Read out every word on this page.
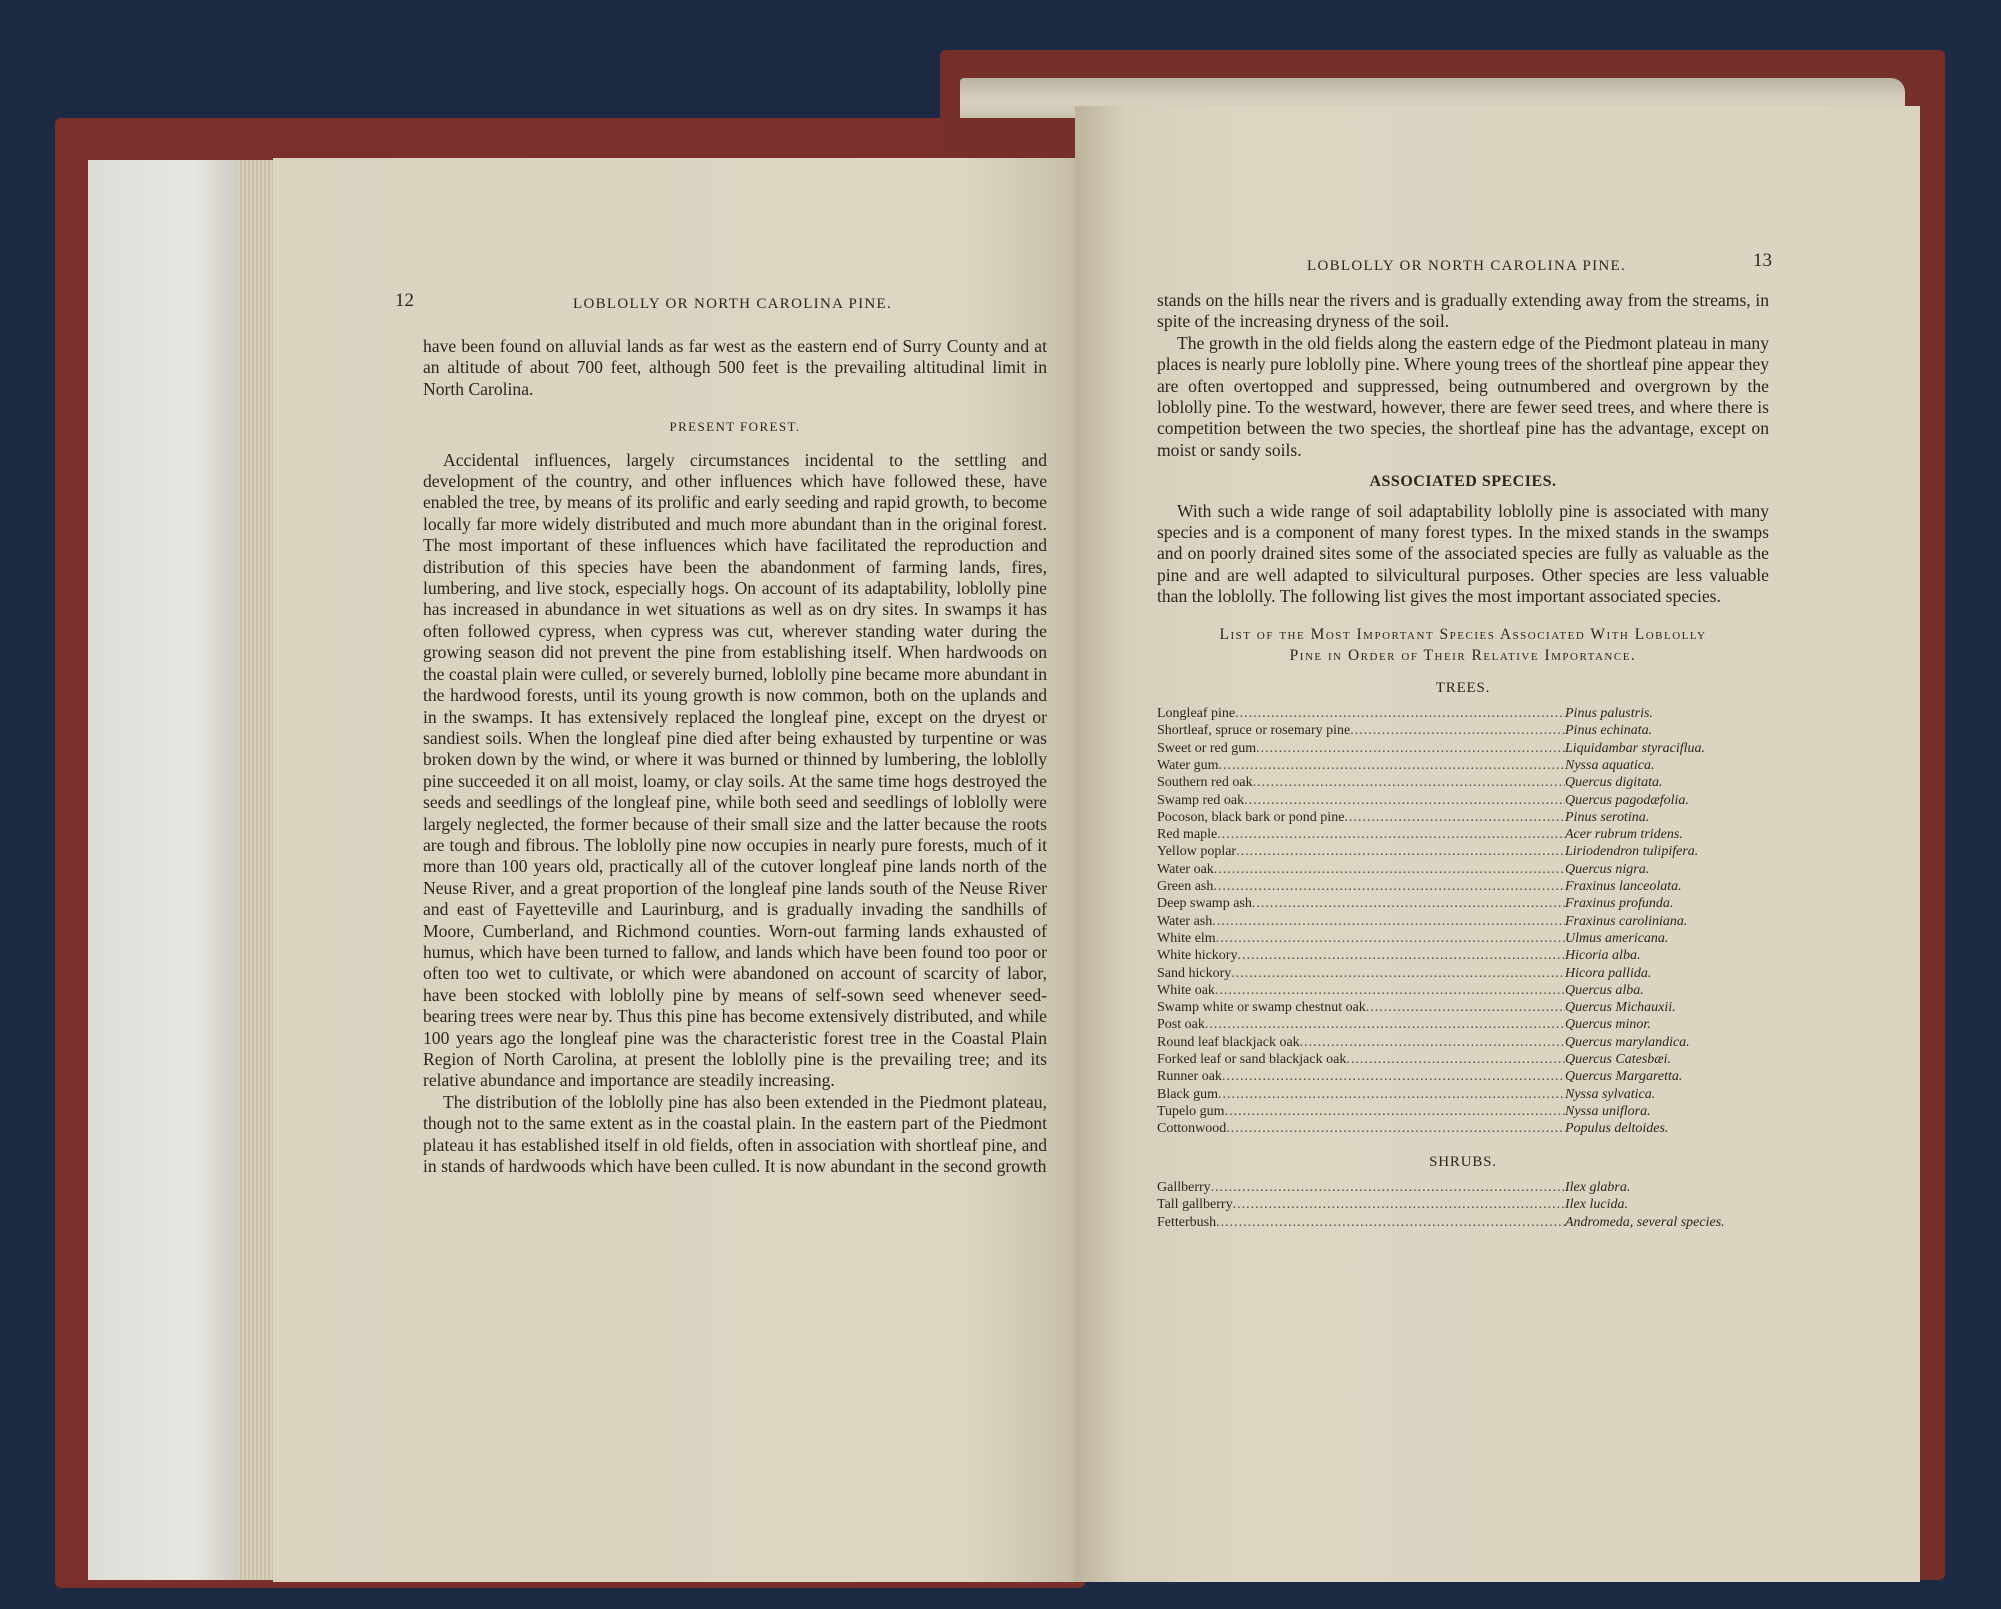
12	LOBLOLLY OR NORTH CAROLINA PINE.

have been found on alluvial lands as far west as the eastern end of Surry County and at an altitude of about 700 feet, although 500 feet is the prevailing altitudinal limit in North Carolina.

PRESENT FOREST.

Accidental influences, largely circumstances incidental to the settling and development of the country, and other influences which have followed these, have enabled the tree, by means of its prolific and early seeding and rapid growth, to become locally far more widely distributed and much more abundant than in the original forest. The most important of these influences which have facilitated the reproduction and distribution of this species have been the abandonment of farming lands, fires, lumbering, and live stock, especially hogs. On account of its adaptability, loblolly pine has increased in abundance in wet situations as well as on dry sites. In swamps it has often followed cypress, when cypress was cut, wherever standing water during the growing season did not prevent the pine from establishing itself. When hardwoods on the coastal plain were culled, or severely burned, loblolly pine became more abundant in the hardwood forests, until its young growth is now common, both on the uplands and in the swamps. It has extensively replaced the longleaf pine, except on the dryest or sandiest soils. When the longleaf pine died after being exhausted by turpentine or was broken down by the wind, or where it was burned or thinned by lumbering, the loblolly pine succeeded it on all moist, loamy, or clay soils. At the same time hogs destroyed the seeds and seedlings of the longleaf pine, while both seed and seedlings of loblolly were largely neglected, the former because of their small size and the latter because the roots are tough and fibrous. The loblolly pine now occupies in nearly pure forests, much of it more than 100 years old, practically all of the cutover longleaf pine lands north of the Neuse River, and a great proportion of the longleaf pine lands south of the Neuse River and east of Fayetteville and Laurinburg, and is gradually invading the sandhills of Moore, Cumberland, and Richmond counties. Worn-out farming lands exhausted of humus, which have been turned to fallow, and lands which have been found too poor or often too wet to cultivate, or which were abandoned on account of scarcity of labor, have been stocked with loblolly pine by means of self-sown seed whenever seed-bearing trees were near by. Thus this pine has become extensively distributed, and while 100 years ago the longleaf pine was the characteristic forest tree in the Coastal Plain Region of North Carolina, at present the loblolly pine is the prevailing tree; and its relative abundance and importance are steadily increasing.

The distribution of the loblolly pine has also been extended in the Piedmont plateau, though not to the same extent as in the coastal plain. In the eastern part of the Piedmont plateau it has established itself in old fields, often in association with shortleaf pine, and in stands of hardwoods which have been culled. It is now abundant in the second growth

LOBLOLLY OR NORTH CAROLINA PINE.	13

stands on the hills near the rivers and is gradually extending away from the streams, in spite of the increasing dryness of the soil.

The growth in the old fields along the eastern edge of the Piedmont plateau in many places is nearly pure loblolly pine. Where young trees of the shortleaf pine appear they are often overtopped and suppressed, being outnumbered and overgrown by the loblolly pine. To the westward, however, there are fewer seed trees, and where there is competition between the two species, the shortleaf pine has the advantage, except on moist or sandy soils.

ASSOCIATED SPECIES.

With such a wide range of soil adaptability loblolly pine is associated with many species and is a component of many forest types. In the mixed stands in the swamps and on poorly drained sites some of the associated species are fully as valuable as the pine and are well adapted to silvicultural purposes. Other species are less valuable than the loblolly. The following list gives the most important associated species.

List of the Most Important Species Associated With Loblolly
Pine in Order of Their Relative Importance.
TREES.
Longleaf pine .....	Pinus palustris.
Shortleaf, spruce or rosemary pine .....	Pinus echinata.
Sweet or red gum .....	Liquidambar styraciflua.
Water gum .....	Nyssa aquatica.
Southern red oak .....	Quercus digitata.
Swamp red oak .....	Quercus pagodæfolia.
Pocoson, black bark or pond pine .....	Pinus serotina.
Red maple .....	Acer rubrum tridens.
Yellow poplar .....	Liriodendron tulipifera.
Water oak .....	Quercus nigra.
Green ash .....	Fraxinus lanceolata.
Deep swamp ash .....	Fraxinus profunda.
Water ash .....	Fraxinus caroliniana.
White elm .....	Ulmus americana.
White hickory .....	Hicoria alba.
Sand hickory .....	Hicora pallida.
White oak .....	Quercus alba.
Swamp white or swamp chestnut oak .....	Quercus Michauxii.
Post oak .....	Quercus minor.
Round leaf blackjack oak .....	Quercus marylandica.
Forked leaf or sand blackjack oak .....	Quercus Catesbæi.
Runner oak .....	Quercus Margaretta.
Black gum .....	Nyssa sylvatica.
Tupelo gum .....	Nyssa uniflora.
Cottonwood .....	Populus deltoides.
SHRUBS.
Gallberry .....	Ilex glabra.
Tall gallberry .....	Ilex lucida.
Fetterbush .....	Andromeda, several species.
